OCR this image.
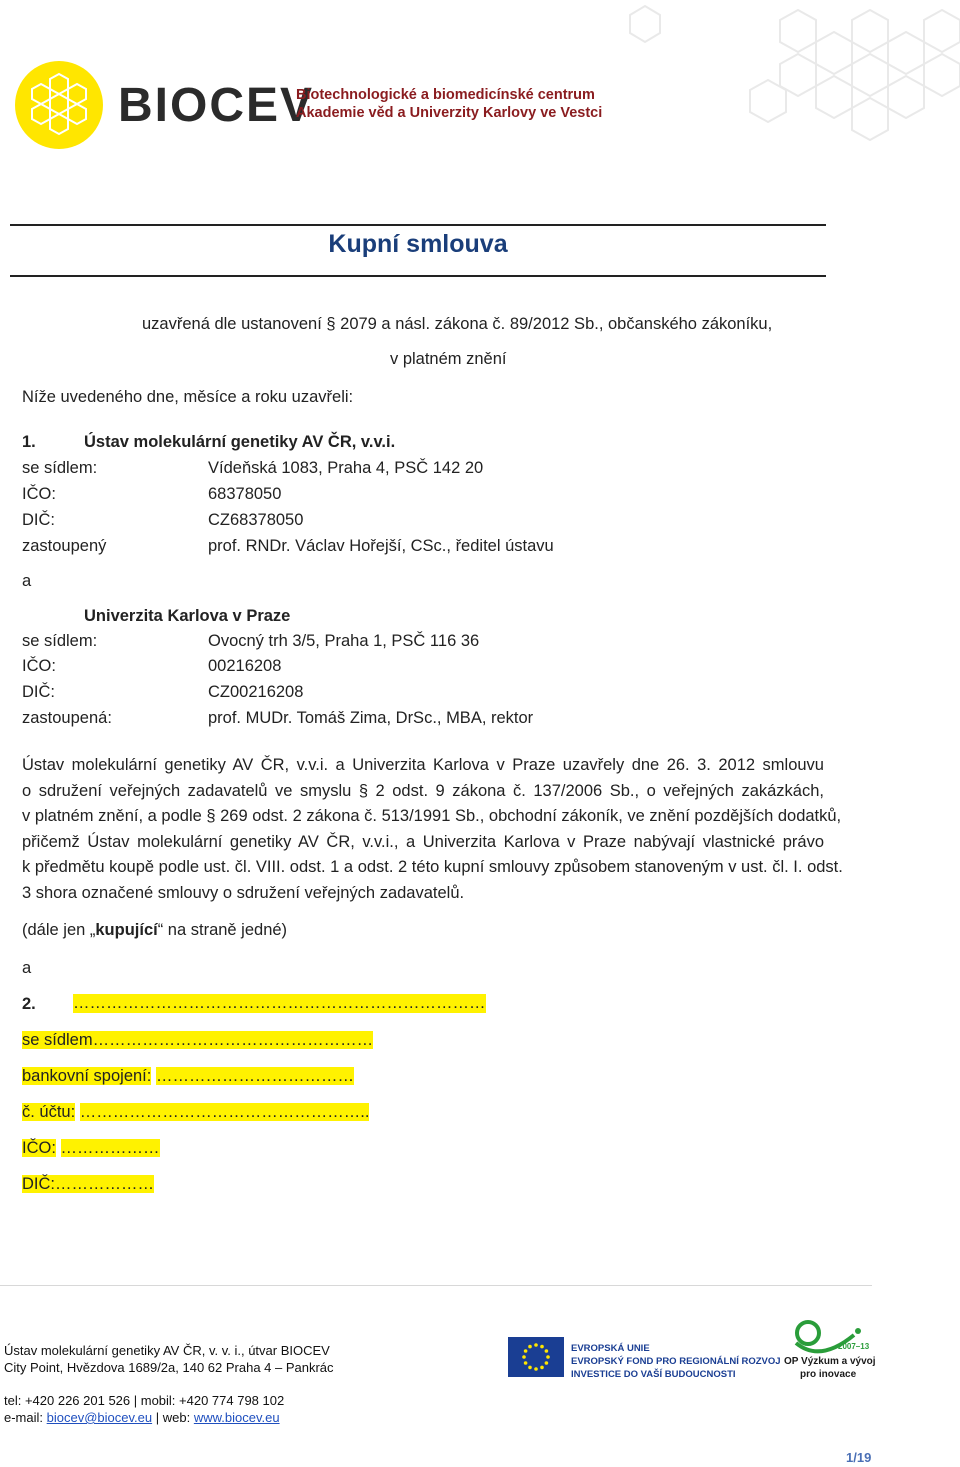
BIOCEV
Biotechnologické a biomedicínské centrum
Akademie věd a Univerzity Karlovy ve Vestci
Kupní smlouva
uzavřená dle ustanovení § 2079 a násl. zákona č. 89/2012 Sb., občanského zákoníku,
v platném znění
Níže uvedeného dne, měsíce a roku uzavřeli:
1.	Ústav molekulární genetiky AV ČR, v.v.i.
se sídlem:	Vídeňská 1083, Praha 4, PSČ 142 20
IČO:	68378050
DIČ:	CZ68378050
zastoupený	prof. RNDr. Václav Hořejší, CSc., ředitel ústavu
a
Univerzita Karlova v Praze
se sídlem:	Ovocný trh 3/5, Praha 1, PSČ 116 36
IČO:	00216208
DIČ:	CZ00216208
zastoupená:	prof. MUDr. Tomáš Zima, DrSc., MBA, rektor
Ústav molekulární genetiky AV ČR, v.v.i. a Univerzita Karlova v Praze uzavřely dne 26. 3. 2012 smlouvu
o sdružení veřejných zadavatelů ve smyslu § 2 odst. 9 zákona č. 137/2006 Sb., o veřejných zakázkách,
v platném znění, a podle § 269 odst. 2 zákona č. 513/1991 Sb., obchodní zákoník, ve znění pozdějších dodatků,
přičemž Ústav molekulární genetiky AV ČR, v.v.i., a Univerzita Karlova v Praze nabývají vlastnické právo
k předmětu koupě podle ust. čl. VIII. odst. 1 a odst. 2 této kupní smlouvy způsobem stanoveným v ust. čl. I. odst.
3 shora označené smlouvy o sdružení veřejných zadavatelů.
(dále jen „kupující“ na straně jedné)
a
2. …………………………………………………………………
se sídlem……………………………………………
bankovní spojení: ………………………………
č. účtu: ……………………………………………..
IČO: ………………
DIČ:………………
Ústav molekulární genetiky AV ČR, v. v. i., útvar BIOCEV
City Point, Hvězdova 1689/2a, 140 62 Praha 4 – Pankrác
tel: +420 226 201 526 | mobil: +420 774 798 102
e-mail: biocev@biocev.eu | web: www.biocev.eu
EVROPSKÁ UNIE
EVROPSKÝ FOND PRO REGIONÁLNÍ ROZVOJ
INVESTICE DO VAŠÍ BUDOUCNOSTI
2007–13
OP Výzkum a vývoj
pro inovace
1/19
